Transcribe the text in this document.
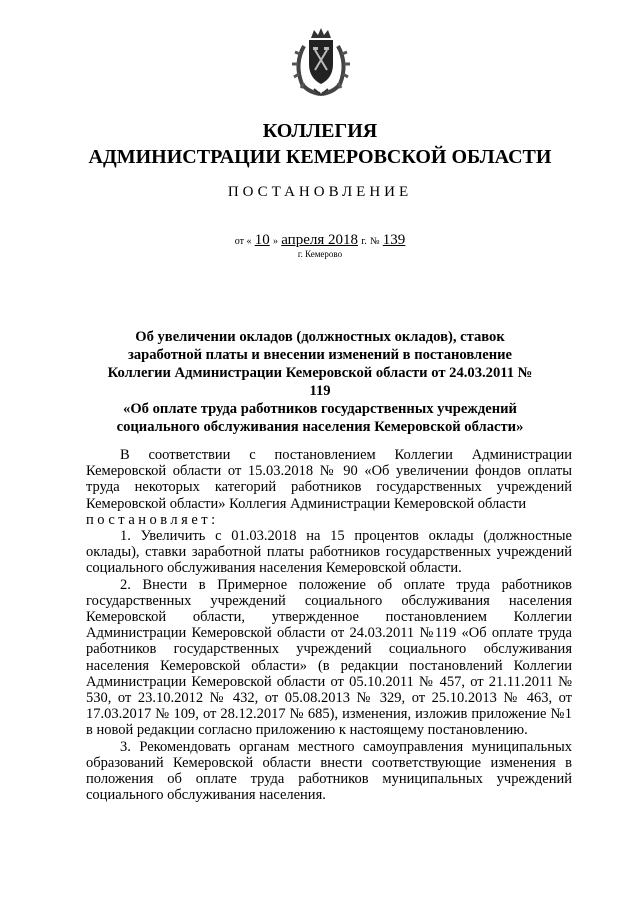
КОЛЛЕГИЯ
АДМИНИСТРАЦИИ КЕМЕРОВСКОЙ ОБЛАСТИ
ПОСТАНОВЛЕНИЕ
от « 10 » апреля 2018 г. № 139
г. Кемерово
Об увеличении окладов (должностных окладов), ставок
заработной платы и внесении изменений в постановление
Коллегии Администрации Кемеровской области от 24.03.2011 № 119
«Об оплате труда работников государственных учреждений
социального обслуживания населения Кемеровской области»

В соответствии с постановлением Коллегии Администрации Кемеровской области от 15.03.2018 № 90 «Об увеличении фондов оплаты труда некоторых категорий работников государственных учреждений Кемеровской области» Коллегия Администрации Кемеровской области

постановляет:

1. Увеличить с 01.03.2018 на 15 процентов оклады (должностные оклады), ставки заработной платы работников государственных учреждений социального обслуживания населения Кемеровской области.

2. Внести в Примерное положение об оплате труда работников государственных учреждений социального обслуживания населения Кемеровской области, утвержденное постановлением Коллегии Администрации Кемеровской области от 24.03.2011 №119 «Об оплате труда работников государственных учреждений социального обслуживания населения Кемеровской области» (в редакции постановлений Коллегии Администрации Кемеровской области от 05.10.2011 № 457, от 21.11.2011 № 530, от 23.10.2012 № 432, от 05.08.2013 № 329, от 25.10.2013 № 463, от 17.03.2017 № 109, от 28.12.2017 № 685), изменения, изложив приложение №1 в новой редакции согласно приложению к настоящему постановлению.

3. Рекомендовать органам местного самоуправления муниципальных образований Кемеровской области внести соответствующие изменения в положения об оплате труда работников муниципальных учреждений социального обслуживания населения.
